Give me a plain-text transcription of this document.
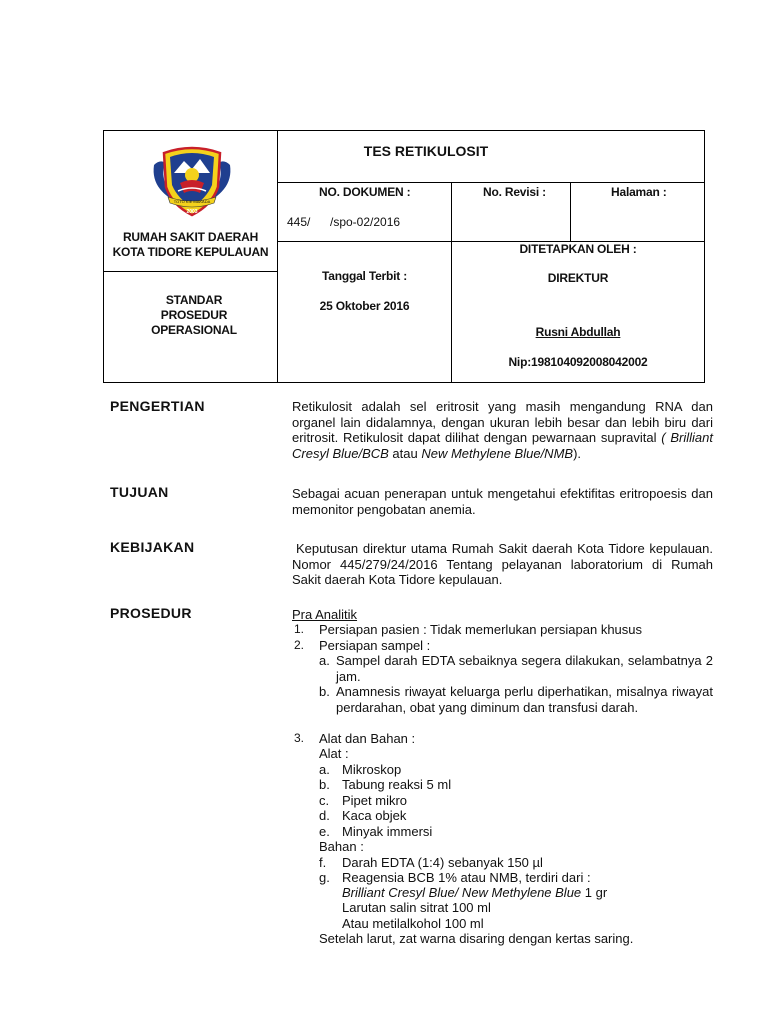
TOTO KIE MAKADA
2003
RUMAH SAKIT DAERAH
KOTA TIDORE KEPULAUAN
STANDAR
PROSEDUR
OPERASIONAL
TES RETIKULOSIT
NO. DOKUMEN :
445/ /spo-02/2016
No. Revisi :	Halaman :
Tanggal Terbit :
25 Oktober 2016
DITETAPKAN OLEH :
DIREKTUR
Rusni Abdullah
Nip:198104092008042002
PENGERTIAN	Retikulosit adalah sel eritrosit yang masih mengandung RNA dan organel lain didalamnya, dengan ukuran lebih besar dan lebih biru dari eritrosit. Retikulosit dapat dilihat dengan pewarnaan supravital ( Brilliant Cresyl Blue/BCB atau New Methylene Blue/NMB).
TUJUAN	Sebagai acuan penerapan untuk mengetahui efektifitas eritropoesis dan memonitor pengobatan anemia.
KEBIJAKAN	Keputusan direktur utama Rumah Sakit daerah Kota Tidore kepulauan. Nomor 445/279/24/2016 Tentang pelayanan laboratorium di Rumah Sakit daerah Kota Tidore kepulauan.
PROSEDUR	Pra Analitik
1. Persiapan pasien : Tidak memerlukan persiapan khusus
2. Persiapan sampel :
a. Sampel darah EDTA sebaiknya segera dilakukan, selambatnya 2 jam.
b. Anamnesis riwayat keluarga perlu diperhatikan, misalnya riwayat perdarahan, obat yang diminum dan transfusi darah.
3. Alat dan Bahan :
Alat :
a. Mikroskop
b. Tabung reaksi 5 ml
c. Pipet mikro
d. Kaca objek
e. Minyak immersi
Bahan :
f. Darah EDTA (1:4) sebanyak 150 µl
g. Reagensia BCB 1% atau NMB, terdiri dari :
Brilliant Cresyl Blue/ New Methylene Blue 1 gr
Larutan salin sitrat 100 ml
Atau metilalkohol 100 ml
Setelah larut, zat warna disaring dengan kertas saring.
